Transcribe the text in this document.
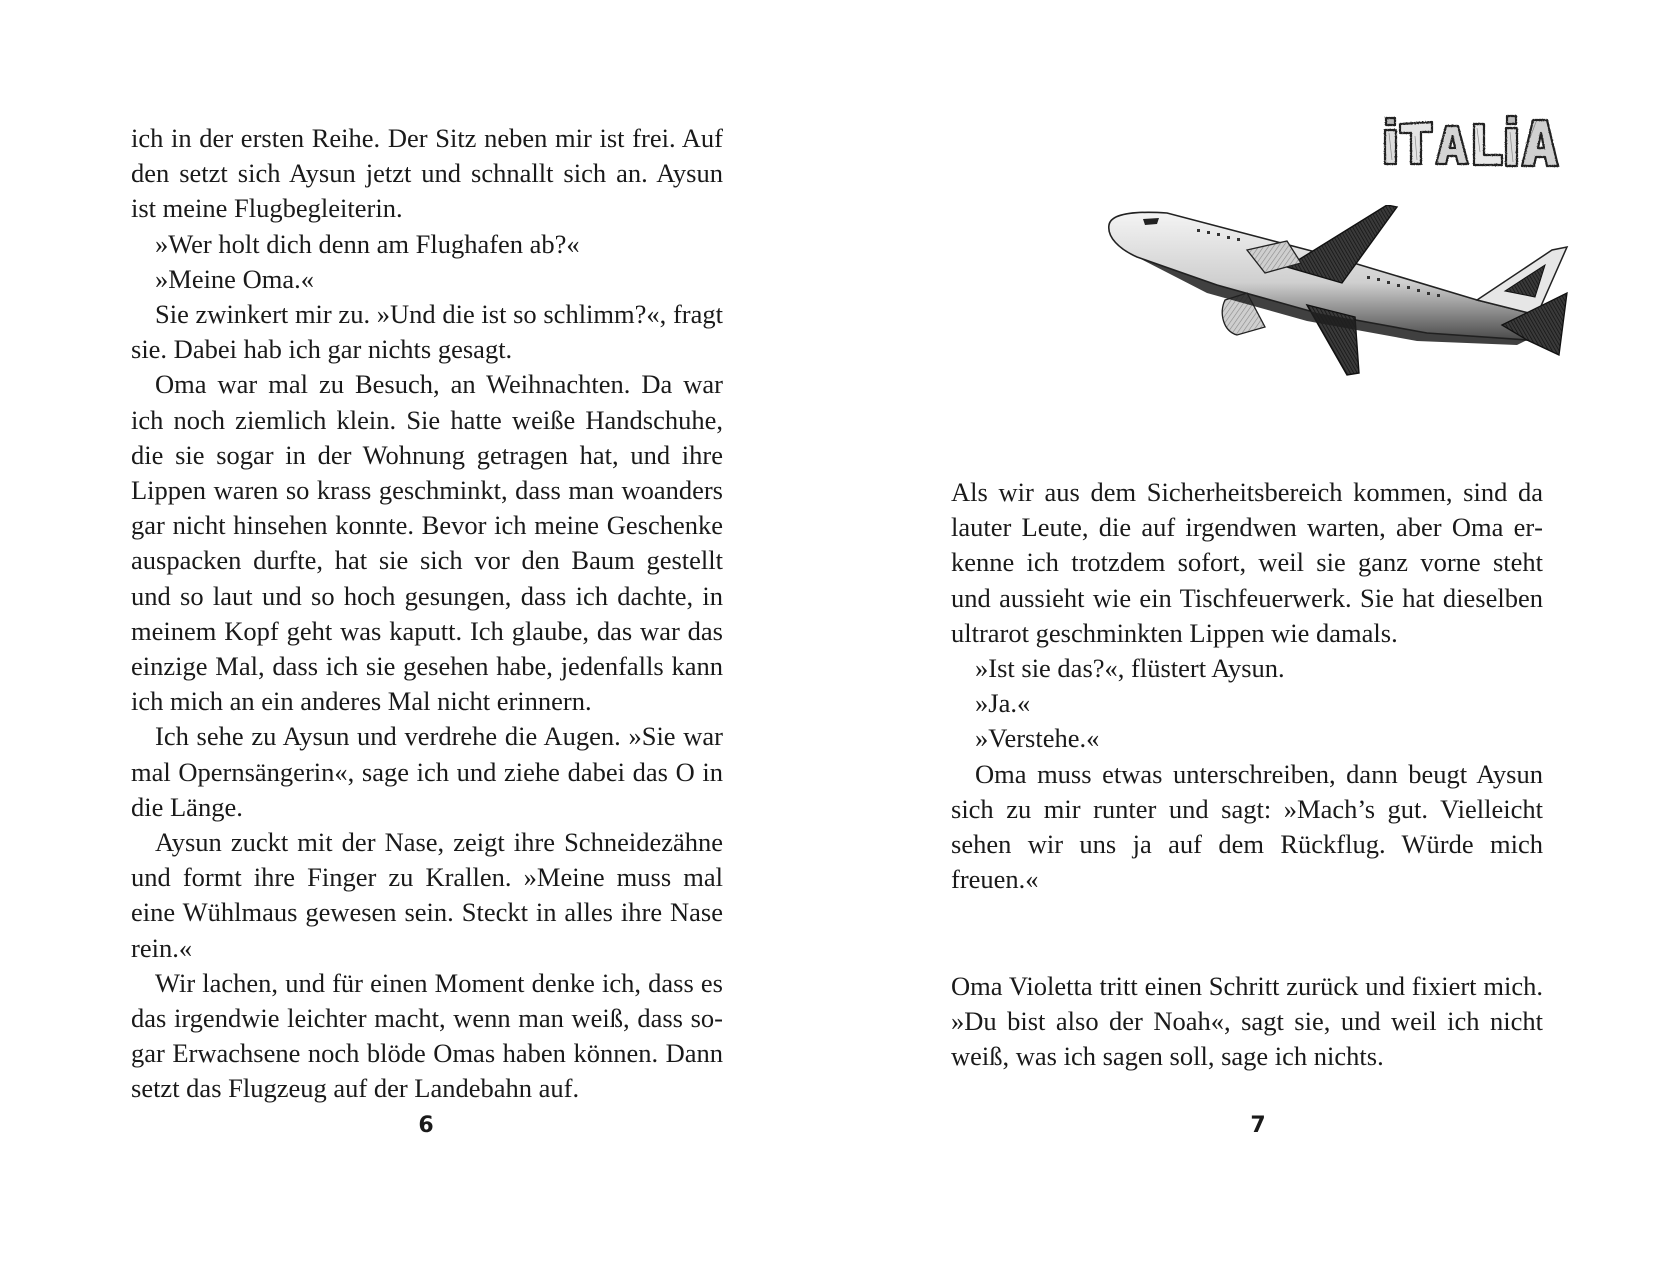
ich in der ersten Reihe. Der Sitz neben mir ist frei. Auf den setzt sich Aysun jetzt und schnallt sich an. Aysun ist meine Flugbegleiterin.

»Wer holt dich denn am Flughafen ab?«

»Meine Oma.«

Sie zwinkert mir zu. »Und die ist so schlimm?«, fragt sie. Dabei hab ich gar nichts gesagt.

Oma war mal zu Besuch, an Weihnachten. Da war ich noch ziemlich klein. Sie hatte weiße Handschuhe, die sie sogar in der Wohnung getragen hat, und ihre Lippen waren so krass geschminkt, dass man woanders gar nicht hinsehen konnte. Bevor ich meine Geschenke auspacken durfte, hat sie sich vor den Baum gestellt und so laut und so hoch gesungen, dass ich dachte, in meinem Kopf geht was kaputt. Ich glaube, das war das einzige Mal, dass ich sie gesehen habe, jedenfalls kann ich mich an ein anderes Mal nicht erinnern.

Ich sehe zu Aysun und verdrehe die Augen. »Sie war mal Opernsängerin«, sage ich und ziehe dabei das O in die Länge.

Aysun zuckt mit der Nase, zeigt ihre Schneidezähne und formt ihre Finger zu Krallen. »Meine muss mal eine Wühlmaus gewesen sein. Steckt in alles ihre Nase rein.«

Wir lachen, und für einen Moment denke ich, dass es das irgendwie leichter macht, wenn man weiß, dass sogar Erwachsene noch blöde Omas haben können. Dann setzt das Flugzeug auf der Landebahn auf.

6

Als wir aus dem Sicherheitsbereich kommen, sind da lauter Leute, die auf irgendwen warten, aber Oma erkenne ich trotzdem sofort, weil sie ganz vorne steht und aussieht wie ein Tischfeuerwerk. Sie hat dieselben ultrarot geschminkten Lippen wie damals.

»Ist sie das?«, flüstert Aysun.

»Ja.«

»Verstehe.«

Oma muss etwas unterschreiben, dann beugt Aysun sich zu mir runter und sagt: »Mach’s gut. Vielleicht sehen wir uns ja auf dem Rückflug. Würde mich freuen.«

Oma Violetta tritt einen Schritt zurück und fixiert mich. »Du bist also der Noah«, sagt sie, und weil ich nicht weiß, was ich sagen soll, sage ich nichts.

7
